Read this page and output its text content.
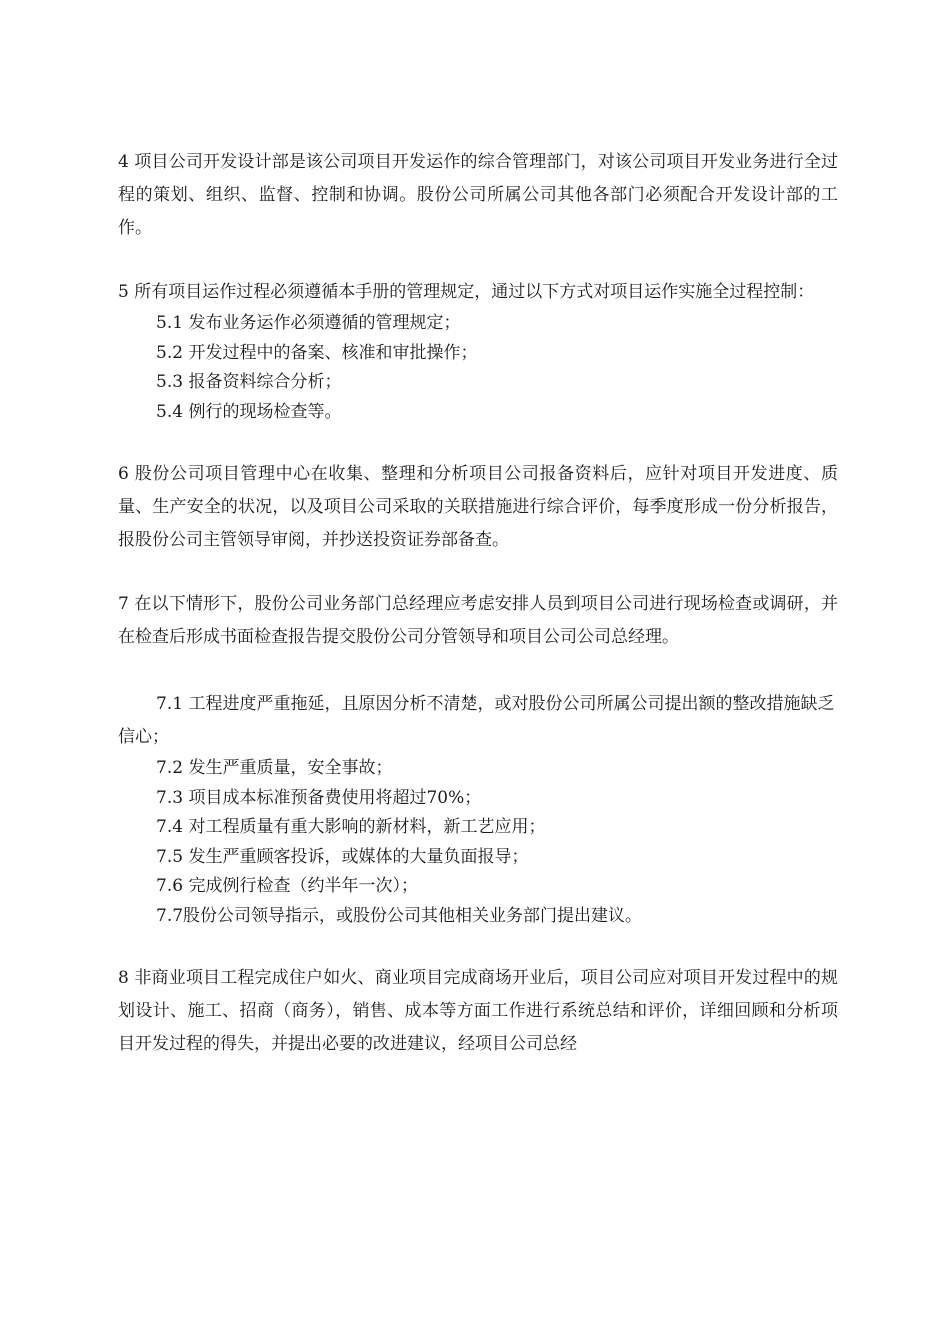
4 项目公司开发设计部是该公司项目开发运作的综合管理部门，对该公司项目开发业务进行全过程的策划、组织、监督、控制和协调。股份公司所属公司其他各部门必须配合开发设计部的工作。

5 所有项目运作过程必须遵循本手册的管理规定，通过以下方式对项目运作实施全过程控制：

5.1 发布业务运作必须遵循的管理规定；

5.2 开发过程中的备案、核准和审批操作；

5.3 报备资料综合分析；

5.4 例行的现场检查等。

6 股份公司项目管理中心在收集、整理和分析项目公司报备资料后，应针对项目开发进度、质量、生产安全的状况，以及项目公司采取的关联措施进行综合评价，每季度形成一份分析报告，报股份公司主管领导审阅，并抄送投资证券部备查。

7 在以下情形下，股份公司业务部门总经理应考虑安排人员到项目公司进行现场检查或调研，并在检查后形成书面检查报告提交股份公司分管领导和项目公司公司总经理。

7.1 工程进度严重拖延，且原因分析不清楚，或对股份公司所属公司提出额的整改措施缺乏信心；

7.2 发生严重质量，安全事故；

7.3 项目成本标准预备费使用将超过70%；

7.4 对工程质量有重大影响的新材料，新工艺应用；

7.5 发生严重顾客投诉，或媒体的大量负面报导；

7.6 完成例行检查（约半年一次）；

7.7股份公司领导指示，或股份公司其他相关业务部门提出建议。

8 非商业项目工程完成住户如火、商业项目完成商场开业后，项目公司应对项目开发过程中的规划设计、施工、招商（商务），销售、成本等方面工作进行系统总结和评价，详细回顾和分析项目开发过程的得失，并提出必要的改进建议，经项目公司总经
